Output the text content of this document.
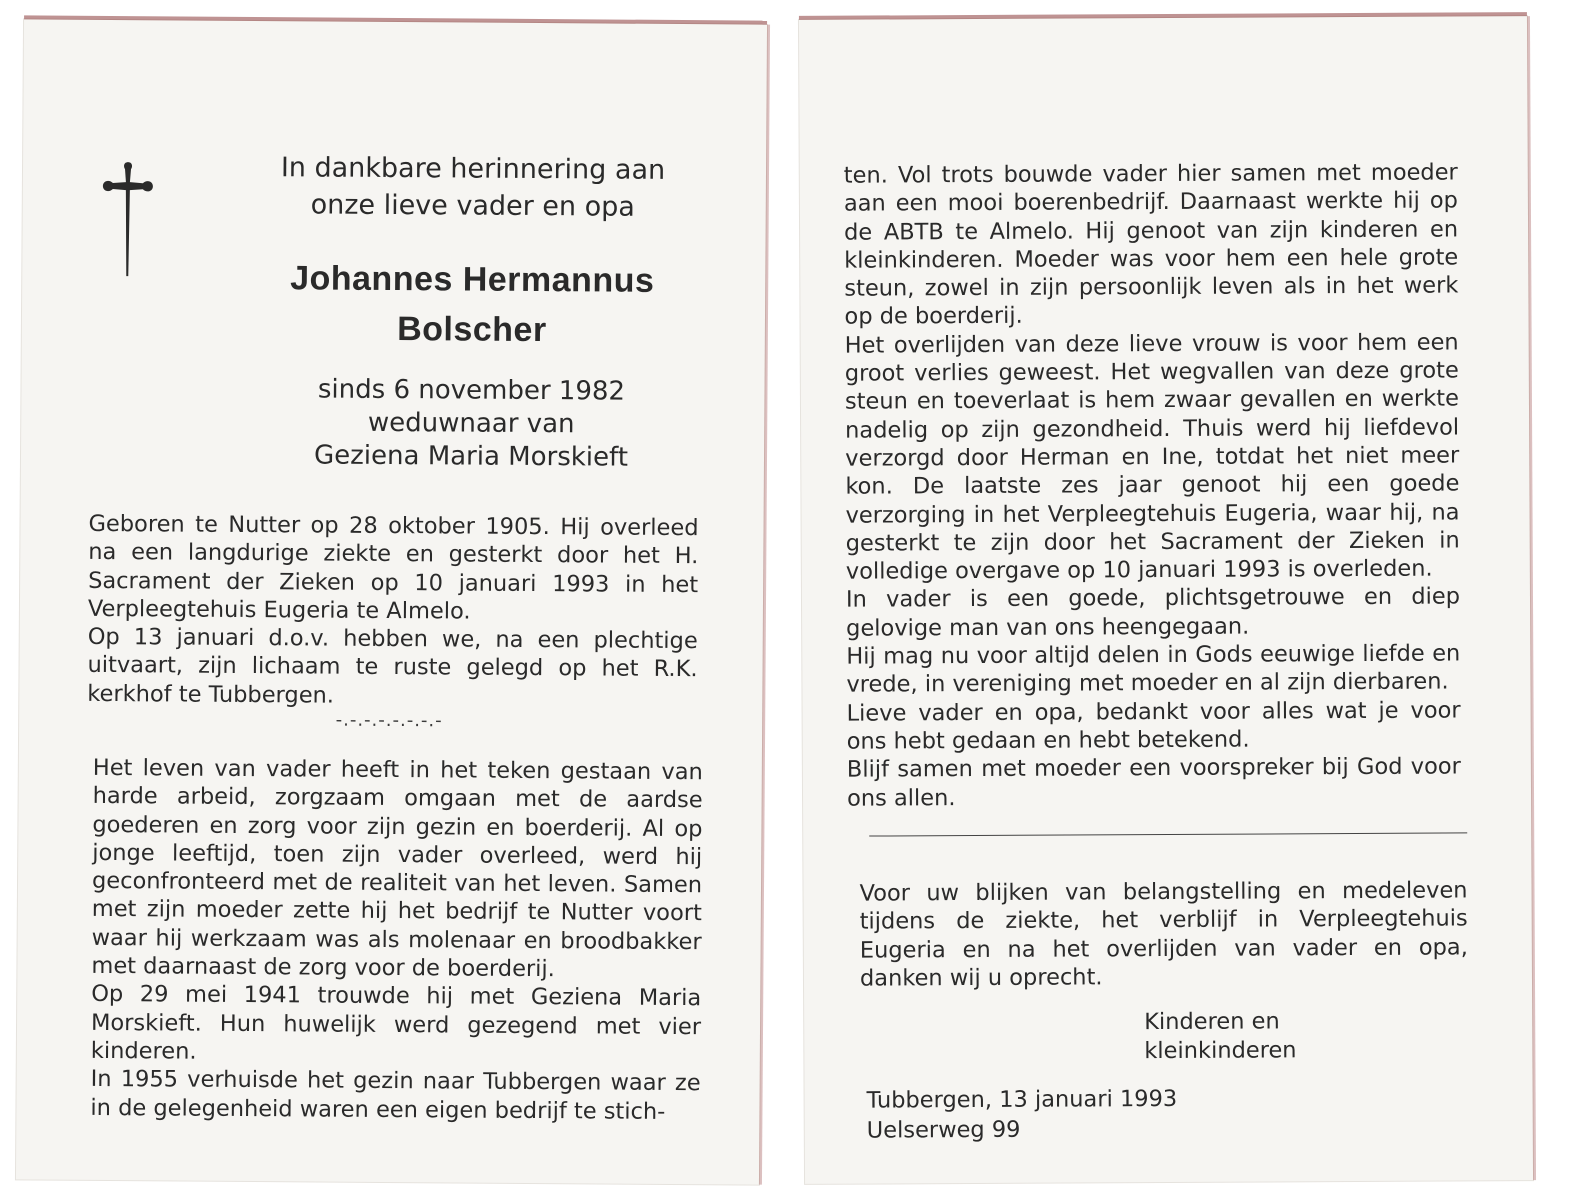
In dankbare herinnering aan
onze lieve vader en opa
Johannes Hermannus
Bolscher
sinds 6 november 1982
weduwnaar van
Geziena Maria Morskieft
Geboren te Nutter op 28 oktober 1905. Hij overleed na een langdurige ziekte en gesterkt door het H. Sacrament der Zieken op 10 januari 1993 in het Verpleegtehuis Eugeria te Almelo.
Op 13 januari d.o.v. hebben we, na een plechtige uitvaart, zijn lichaam te ruste gelegd op het R.K. kerkhof te Tubbergen.
-.-.-.-.-.-.-.-
Het leven van vader heeft in het teken gestaan van harde arbeid, zorgzaam omgaan met de aardse goederen en zorg voor zijn gezin en boerderij. Al op jonge leeftijd, toen zijn vader overleed, werd hij geconfronteerd met de realiteit van het leven. Samen met zijn moeder zette hij het bedrijf te Nutter voort waar hij werkzaam was als molenaar en broodbakker met daarnaast de zorg voor de boerderij.
Op 29 mei 1941 trouwde hij met Geziena Maria Morskieft. Hun huwelijk werd gezegend met vier kinderen.
In 1955 verhuisde het gezin naar Tubbergen waar ze in de gelegenheid waren een eigen bedrijf te stich-
ten. Vol trots bouwde vader hier samen met moeder aan een mooi boerenbedrijf. Daarnaast werkte hij op de ABTB te Almelo. Hij genoot van zijn kinderen en kleinkinderen. Moeder was voor hem een hele grote steun, zowel in zijn persoonlijk leven als in het werk op de boerderij.
Het overlijden van deze lieve vrouw is voor hem een groot verlies geweest. Het wegvallen van deze grote steun en toeverlaat is hem zwaar gevallen en werkte nadelig op zijn gezondheid. Thuis werd hij liefdevol verzorgd door Herman en Ine, totdat het niet meer kon. De laatste zes jaar genoot hij een goede verzorging in het Verpleegtehuis Eugeria, waar hij, na gesterkt te zijn door het Sacrament der Zieken in volledige overgave op 10 januari 1993 is overleden.
In vader is een goede, plichtsgetrouwe en diep gelovige man van ons heengegaan.
Hij mag nu voor altijd delen in Gods eeuwige liefde en vrede, in vereniging met moeder en al zijn dierbaren.
Lieve vader en opa, bedankt voor alles wat je voor ons hebt gedaan en hebt betekend.
Blijf samen met moeder een voorspreker bij God voor ons allen.
Voor uw blijken van belangstelling en medeleven tijdens de ziekte, het verblijf in Verpleegtehuis Eugeria en na het overlijden van vader en opa, danken wij u oprecht.
Kinderen en
kleinkinderen
Tubbergen, 13 januari 1993
Uelserweg 99
